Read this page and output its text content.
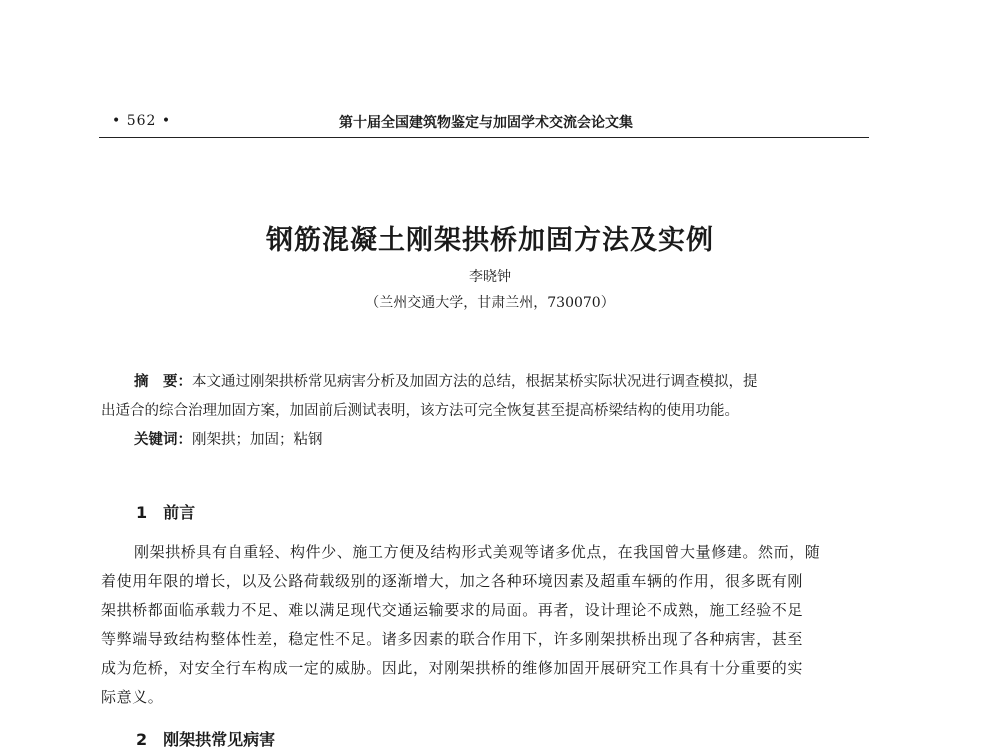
• 562 •	第十届全国建筑物鉴定与加固学术交流会论文集
钢筋混凝土刚架拱桥加固方法及实例
李晓钟
（兰州交通大学，甘肃兰州，730070）
摘　要：本文通过刚架拱桥常见病害分析及加固方法的总结，根据某桥实际状况进行调查模拟，提
出适合的综合治理加固方案，加固前后测试表明，该方法可完全恢复甚至提高桥梁结构的使用功能。
关键词：刚架拱；加固；粘钢
1　前言
刚架拱桥具有自重轻、构件少、施工方便及结构形式美观等诸多优点，在我国曾大量修建。然而，随
着使用年限的增长，以及公路荷载级别的逐渐增大，加之各种环境因素及超重车辆的作用，很多既有刚
架拱桥都面临承载力不足、难以满足现代交通运输要求的局面。再者，设计理论不成熟，施工经验不足
等弊端导致结构整体性差，稳定性不足。诸多因素的联合作用下，许多刚架拱桥出现了各种病害，甚至
成为危桥，对安全行车构成一定的威胁。因此，对刚架拱桥的维修加固开展研究工作具有十分重要的实
际意义。
2　刚架拱常见病害
